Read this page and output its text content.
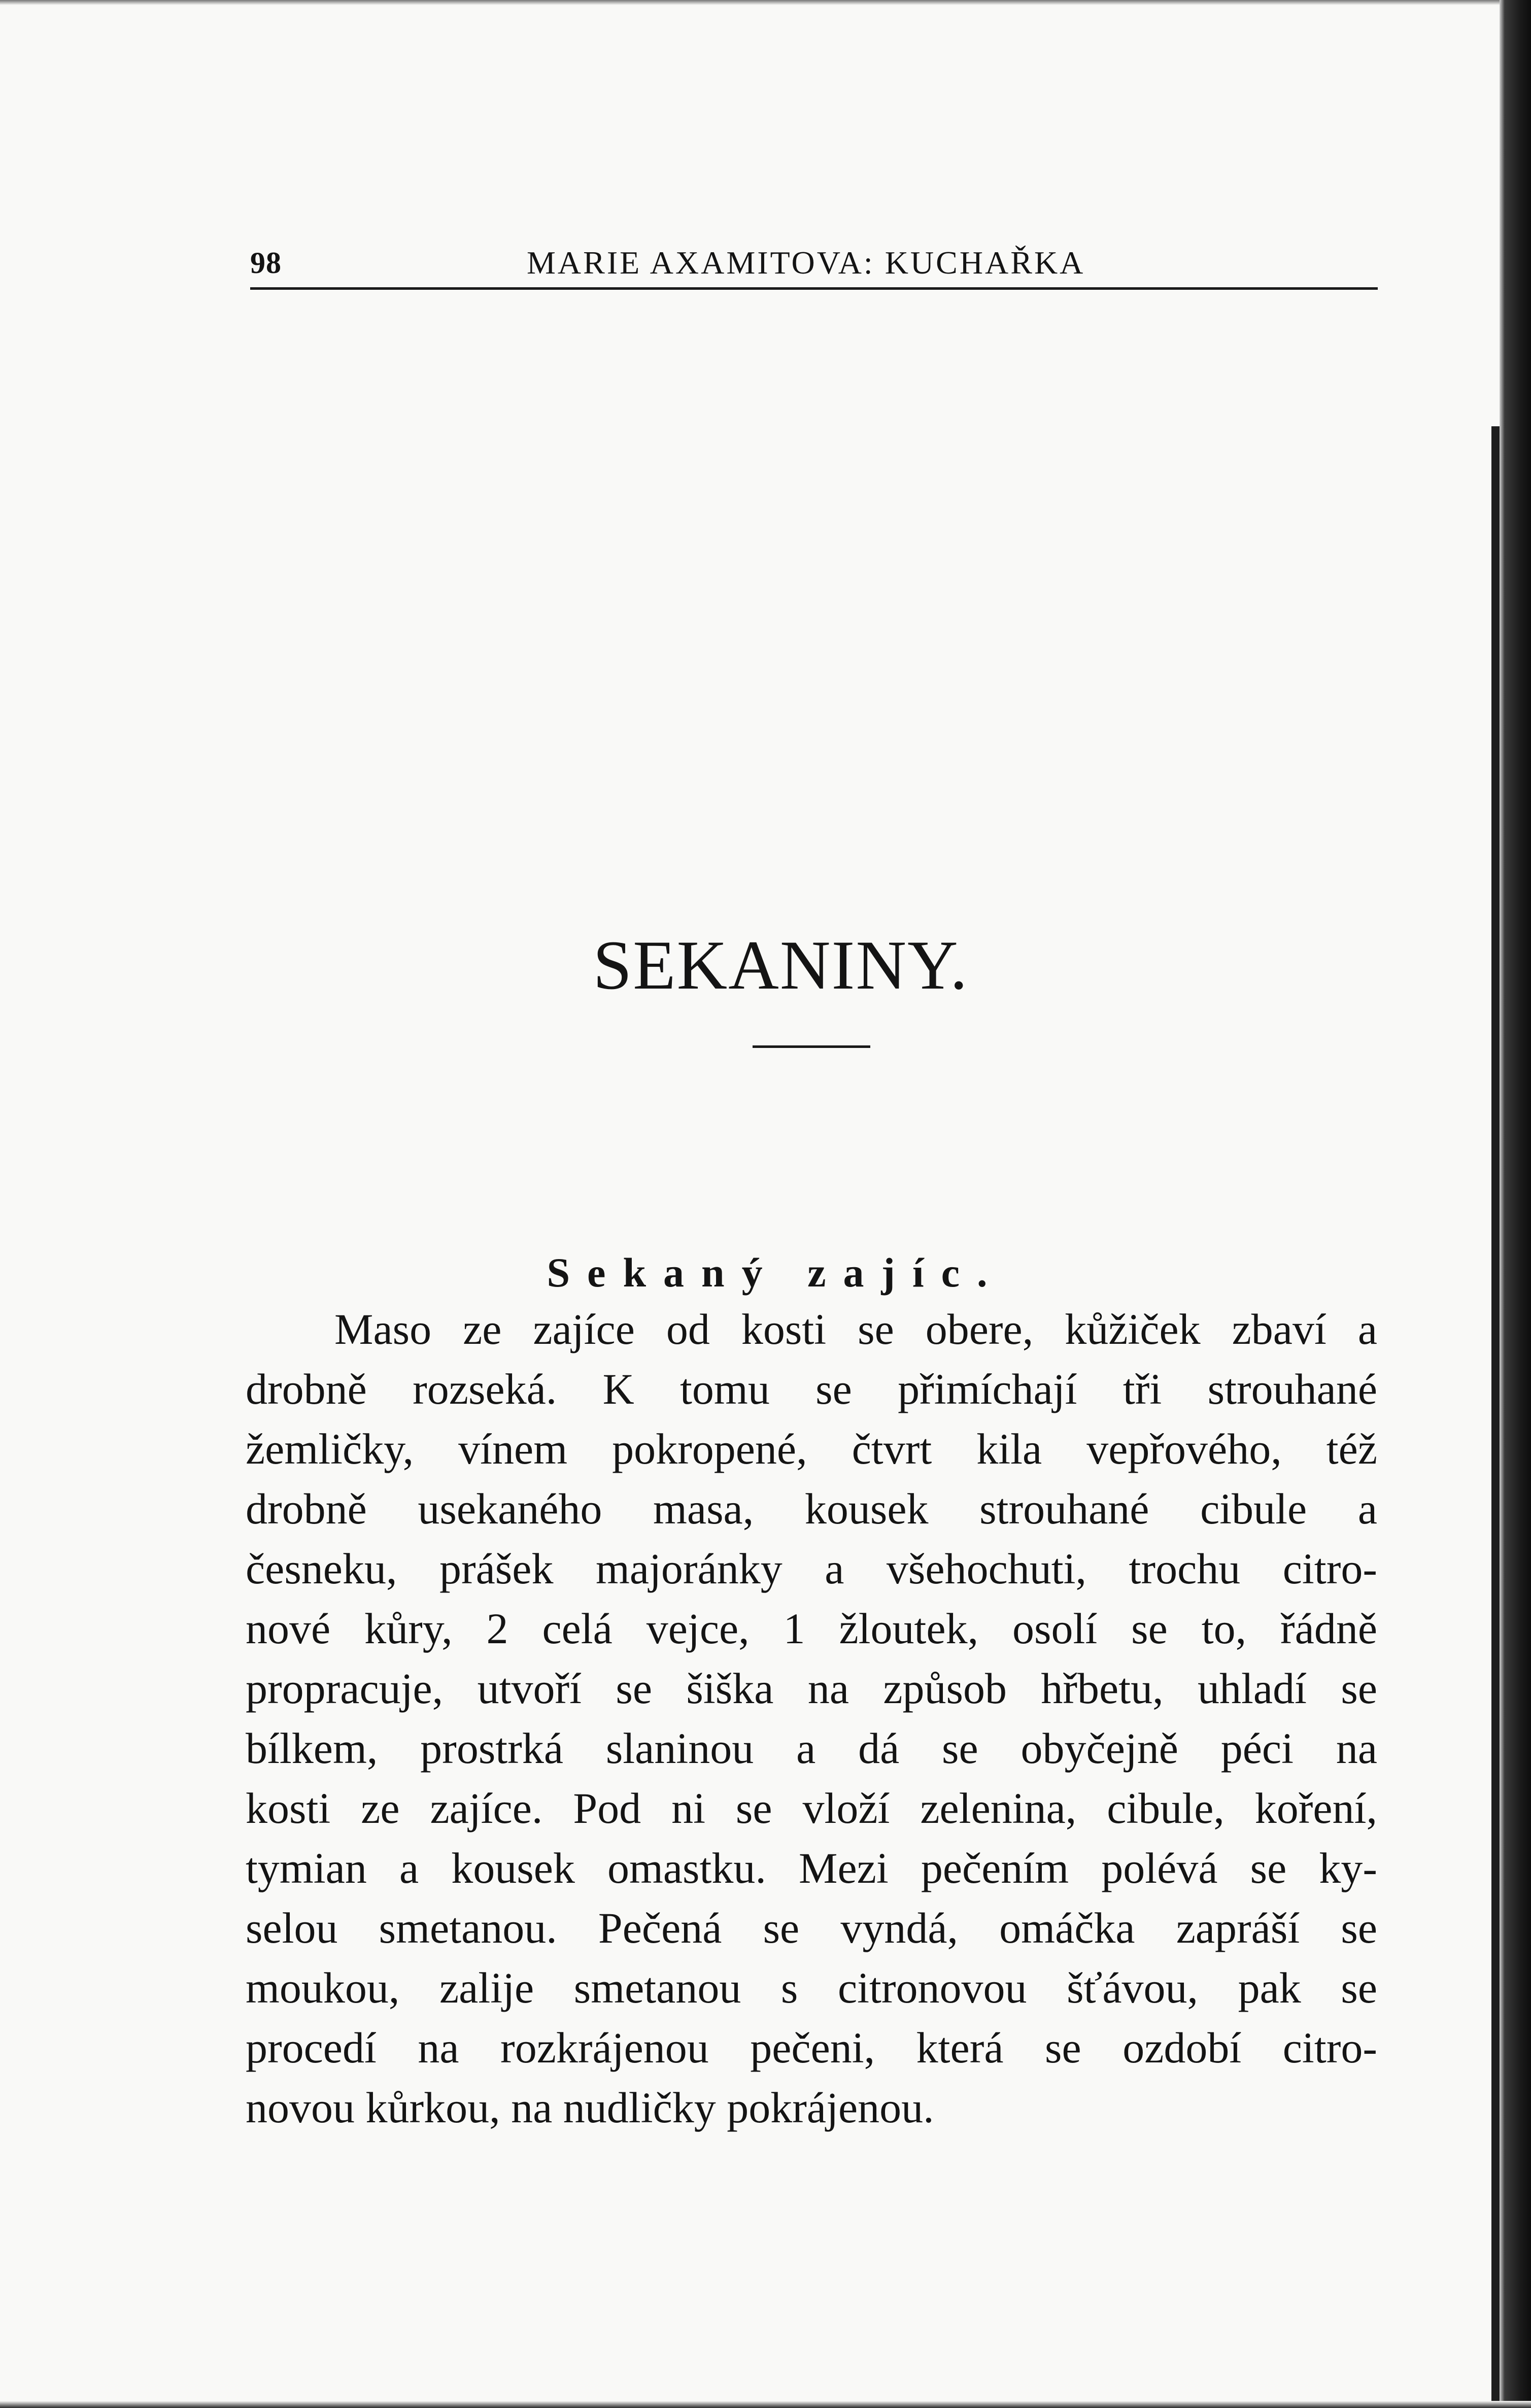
98	MARIE AXAMITOVA: KUCHAŘKA
SEKANINY.
Sekaný zajíc.
Maso ze zajíce od kosti se obere, kůžiček zbaví a
drobně rozseká. K tomu se přimíchají tři strouhané
žemličky, vínem pokropené, čtvrt kila vepřového, též
drobně usekaného masa, kousek strouhané cibule a
česneku, prášek majoránky a všehochuti, trochu citro-
nové kůry, 2 celá vejce, 1 žloutek, osolí se to, řádně
propracuje, utvoří se šiška na způsob hřbetu, uhladí se
bílkem, prostrká slaninou a dá se obyčejně péci na
kosti ze zajíce. Pod ni se vloží zelenina, cibule, koření,
tymian a kousek omastku. Mezi pečením polévá se ky-
selou smetanou. Pečená se vyndá, omáčka zapráší se
moukou, zalije smetanou s citronovou šťávou, pak se
procedí na rozkrájenou pečeni, která se ozdobí citro-
novou kůrkou, na nudličky pokrájenou.
